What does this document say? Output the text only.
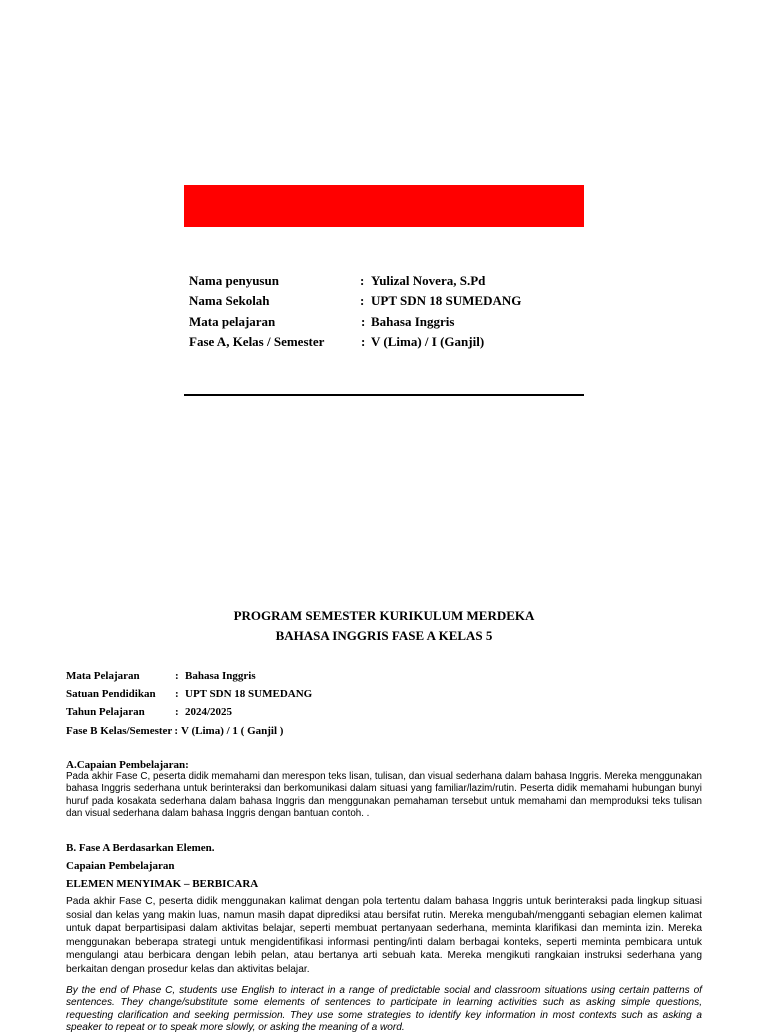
Nama penyusun	: Yulizal Novera, S.Pd
Nama Sekolah	: UPT SDN 18 SUMEDANG
Mata pelajaran	: Bahasa Inggris
Fase A, Kelas / Semester	: V (Lima) / I (Ganjil)
PROGRAM SEMESTER KURIKULUM MERDEKA
BAHASA INGGRIS FASE A KELAS 5
Mata Pelajaran	: Bahasa Inggris
Satuan Pendidikan : UPT SDN 18 SUMEDANG
Tahun Pelajaran	: 2024/2025
Fase B Kelas/Semester : V (Lima) / 1 ( Ganjil )
A.Capaian Pembelajaran:

Pada akhir Fase C, peserta didik memahami dan merespon teks lisan, tulisan, dan visual sederhana dalam bahasa Inggris. Mereka menggunakan bahasa Inggris sederhana untuk berinteraksi dan berkomunikasi dalam situasi yang familiar/lazim/rutin. Peserta didik memahami hubungan bunyi huruf pada kosakata sederhana dalam bahasa Inggris dan menggunakan pemahaman tersebut untuk memahami dan memproduksi teks tulisan dan visual sederhana dalam bahasa Inggris dengan bantuan contoh. .

B. Fase A Berdasarkan Elemen.
Capaian Pembelajaran
ELEMEN MENYIMAK – BERBICARA

Pada akhir Fase C, peserta didik menggunakan kalimat dengan pola tertentu dalam bahasa Inggris untuk berinteraksi pada lingkup situasi sosial dan kelas yang makin luas, namun masih dapat diprediksi atau bersifat rutin. Mereka mengubah/mengganti sebagian elemen kalimat untuk dapat berpartisipasi dalam aktivitas belajar, seperti membuat pertanyaan sederhana, meminta klarifikasi dan meminta izin. Mereka menggunakan beberapa strategi untuk mengidentifikasi informasi penting/inti dalam berbagai konteks, seperti meminta pembicara untuk mengulangi atau berbicara dengan lebih pelan, atau bertanya arti sebuah kata. Mereka mengikuti rangkaian instruksi sederhana yang berkaitan dengan prosedur kelas dan aktivitas belajar.

By the end of Phase C, students use English to interact in a range of predictable social and classroom situations using certain patterns of sentences. They change/substitute some elements of sentences to participate in learning activities such as asking simple questions, requesting clarification and seeking permission. They use some strategies to identify key information in most contexts such as asking a speaker to repeat or to speak more slowly, or asking the meaning of a word.
